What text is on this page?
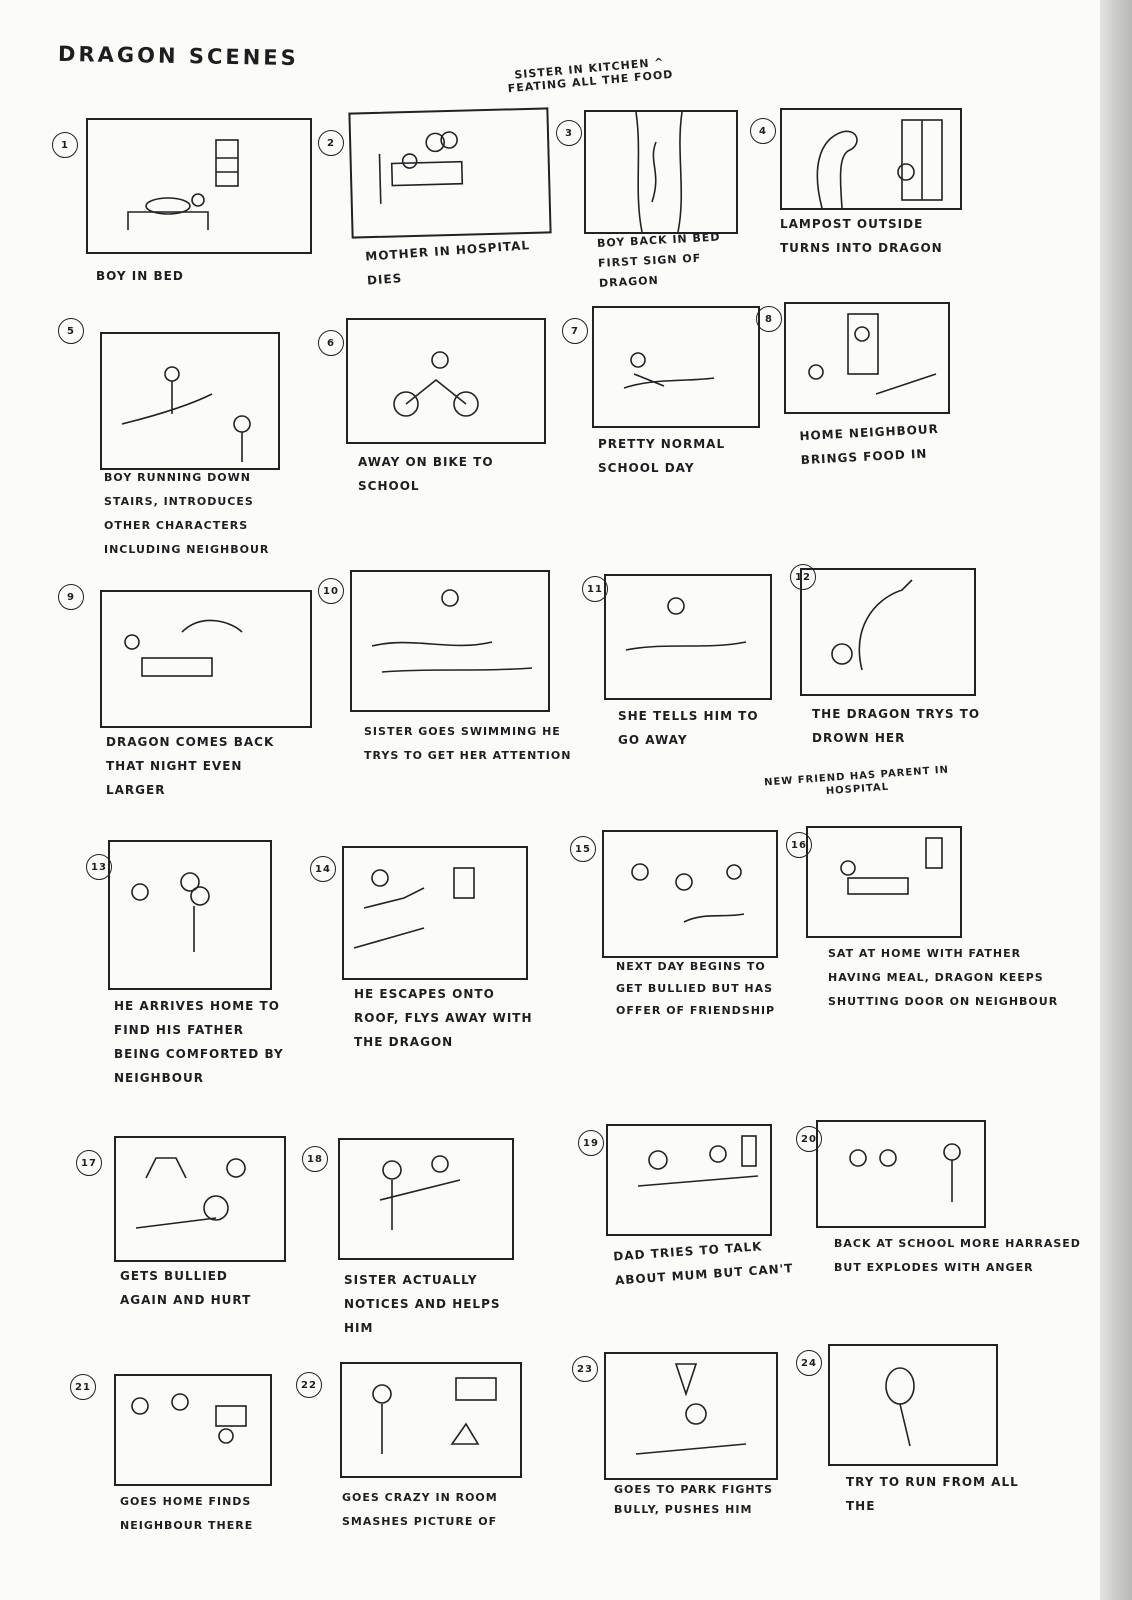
DRAGON SCENES	SISTER IN KITCHEN ^ FEATING ALL THE FOOD
NEW FRIEND HAS PARENT IN HOSPITAL
1
BOY IN BED
2
MOTHER IN HOSPITAL DIES
3
BOY BACK IN BED FIRST SIGN OF DRAGON
4
LAMPOST OUTSIDE TURNS INTO DRAGON
5
BOY RUNNING DOWN STAIRS, INTRODUCES OTHER CHARACTERS INCLUDING NEIGHBOUR
6
AWAY ON BIKE TO SCHOOL
7
PRETTY NORMAL SCHOOL DAY
8
HOME NEIGHBOUR BRINGS FOOD IN
9
DRAGON COMES BACK THAT NIGHT EVEN LARGER
10
SISTER GOES SWIMMING HE TRYS TO GET HER ATTENTION
11
SHE TELLS HIM TO GO AWAY
12
THE DRAGON TRYS TO DROWN HER
13
HE ARRIVES HOME TO FIND HIS FATHER BEING COMFORTED BY NEIGHBOUR
14
HE ESCAPES ONTO ROOF, FLYS AWAY WITH THE DRAGON
15
NEXT DAY BEGINS TO GET BULLIED BUT HAS OFFER OF FRIENDSHIP
16
SAT AT HOME WITH FATHER HAVING MEAL, DRAGON KEEPS SHUTTING DOOR ON NEIGHBOUR
17
GETS BULLIED AGAIN AND HURT
18
SISTER ACTUALLY NOTICES AND HELPS HIM
19
DAD TRIES TO TALK ABOUT MUM BUT CAN'T
20
BACK AT SCHOOL MORE HARRASED BUT EXPLODES WITH ANGER
21
GOES HOME FINDS NEIGHBOUR THERE
22
GOES CRAZY IN ROOM SMASHES PICTURE OF
23
GOES TO PARK FIGHTS BULLY, PUSHES HIM
24
TRY TO RUN FROM ALL THE
